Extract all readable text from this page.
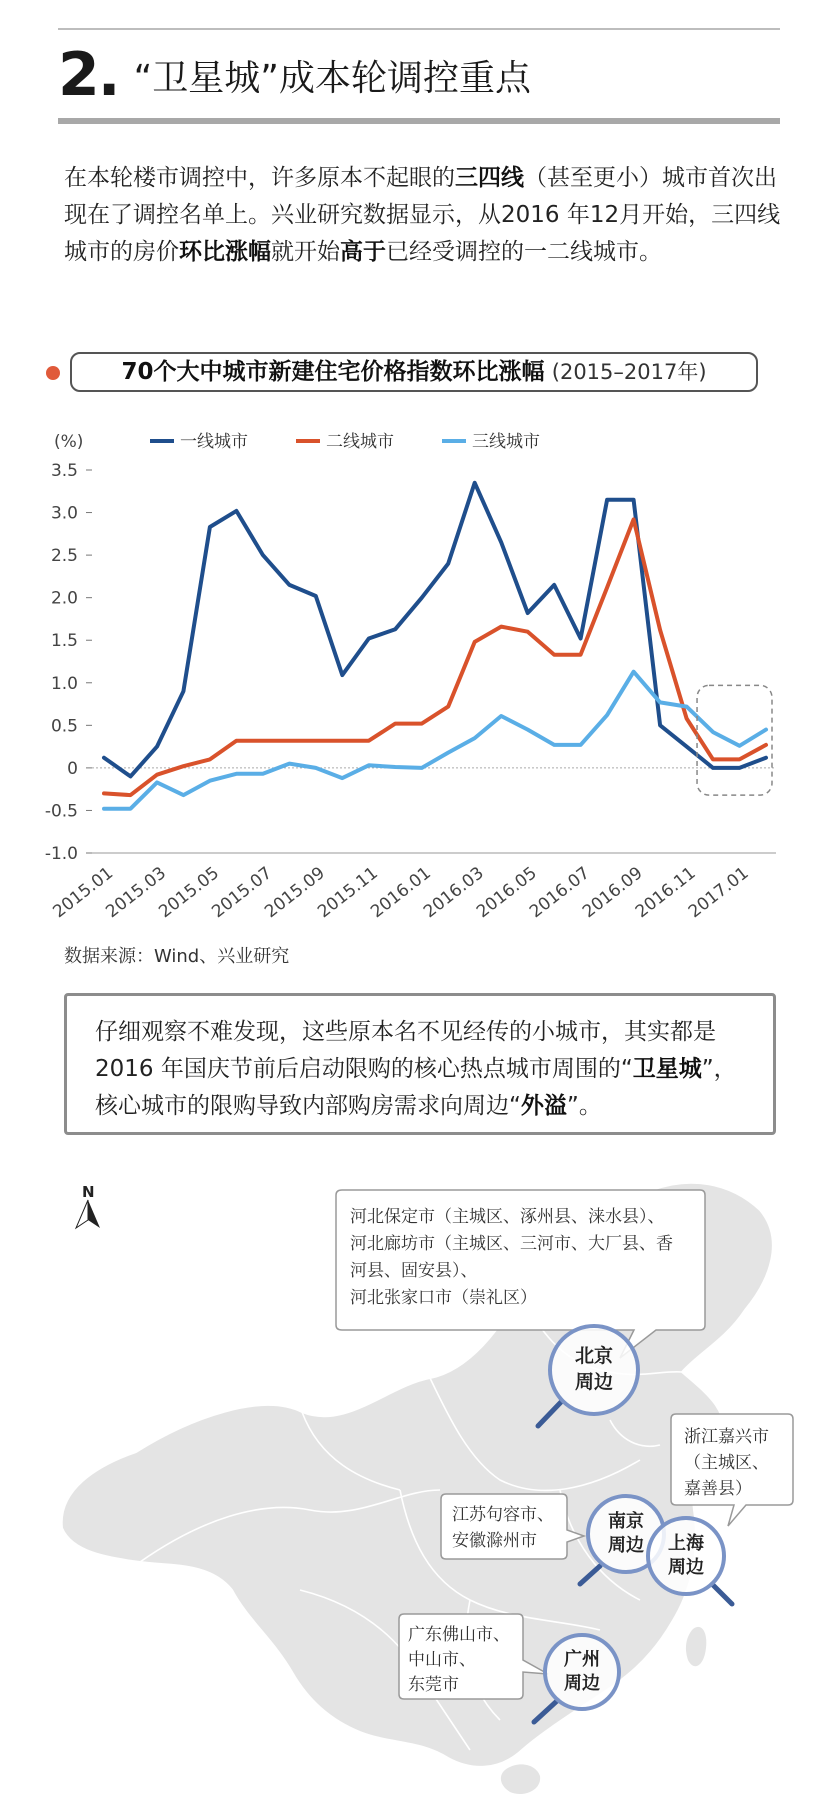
2. “卫星城”成本轮调控重点
在本轮楼市调控中，许多原本不起眼的三四线（甚至更小）城市首次出现在了调控名单上。兴业研究数据显示，从2016 年12月开始，三四线城市的房价环比涨幅就开始高于已经受调控的一二线城市。
70个大中城市新建住宅价格指数环比涨幅 (2015–2017年)
(%)	一线城市	二线城市	三线城市
3.5
3.0
2.5
2.0
1.5
1.0
0.5
0
-0.5
-1.0
2015.01
2015.03
2015.05
2015.07
2015.09
2015.11
2016.01
2016.03
2016.05
2016.07
2016.09
2016.11
2017.01
数据来源：Wind、兴业研究
仔细观察不难发现，这些原本名不见经传的小城市，其实都是2016 年国庆节前后启动限购的核心热点城市周围的“卫星城”，核心城市的限购导致内部购房需求向周边“外溢”。
N
河北保定市（主城区、涿州县、涞水县）、
河北廊坊市（主城区、三河市、大厂县、香
河县、固安县）、
河北张家口市（崇礼区）
浙江嘉兴市
（主城区、
嘉善县）
江苏句容市、
安徽滁州市
广东佛山市、
中山市、
东莞市
北京
周边
南京
周边 上海
周边
广州
周边
